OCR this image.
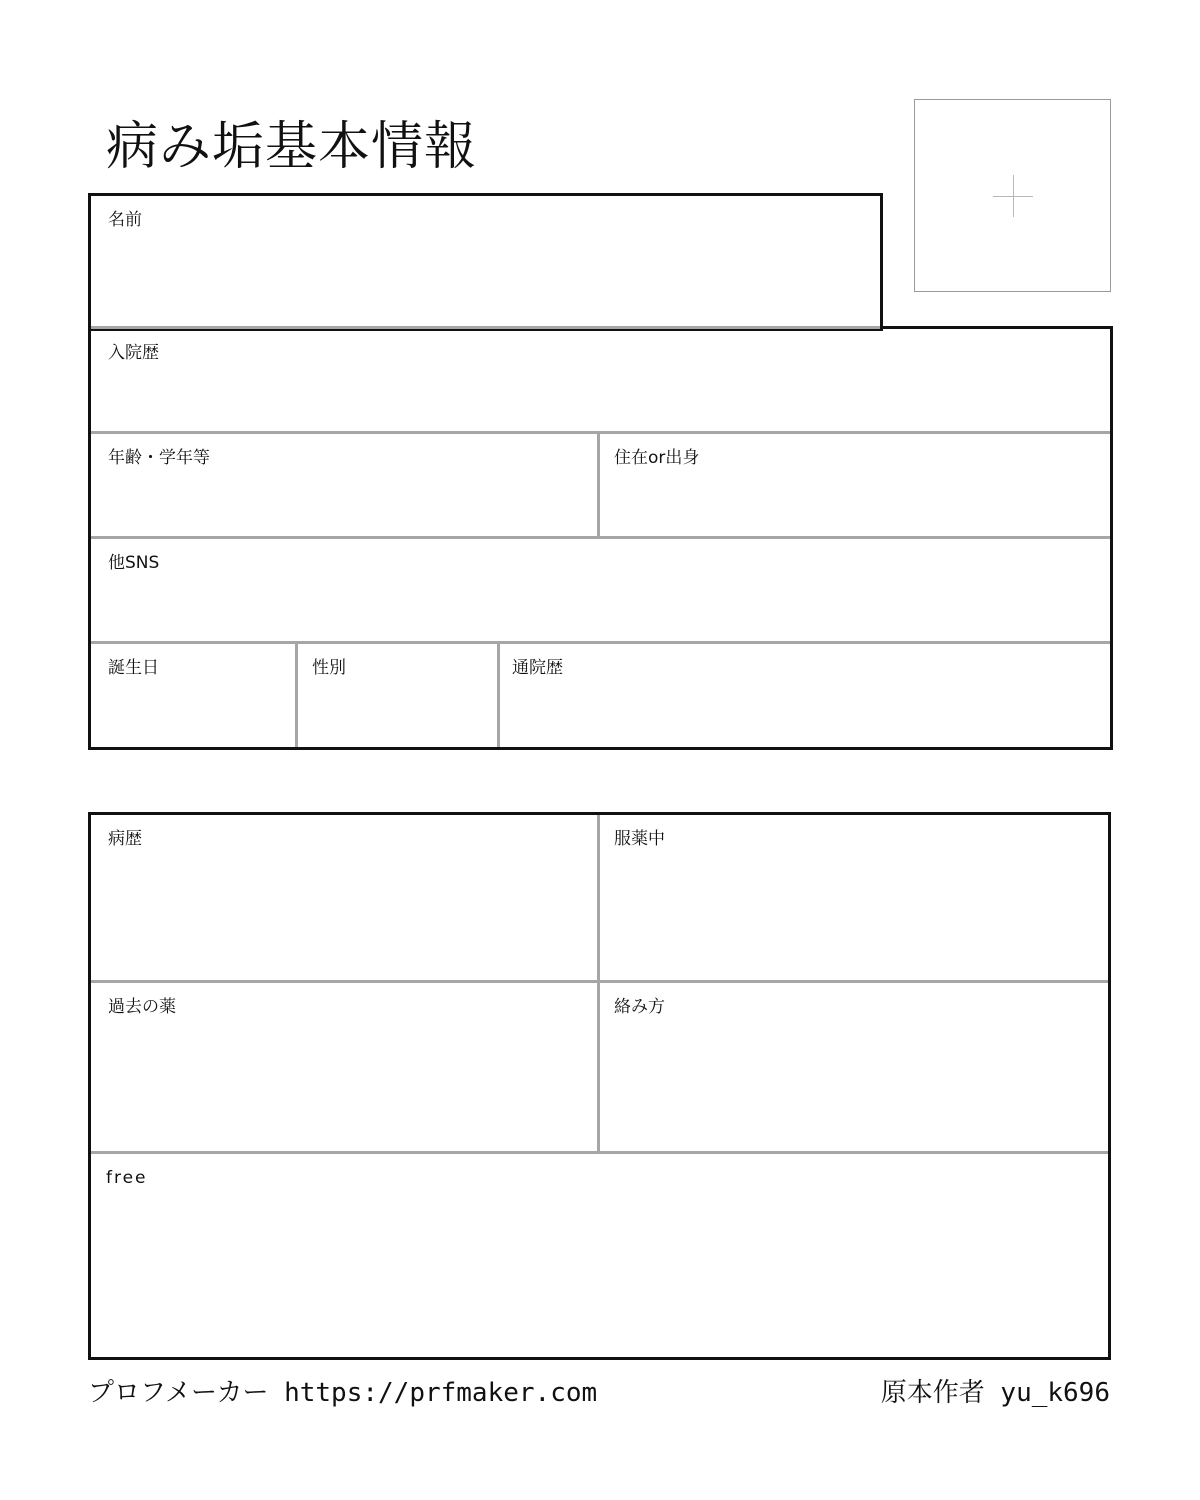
病み垢基本情報
名前
入院歴
年齢・学年等	住在or出身
他SNS
誕生日	性別	通院歴
病歴	服薬中
過去の薬	絡み方
free
プロフメーカー https://prfmaker.com	原本作者 yu_k696
